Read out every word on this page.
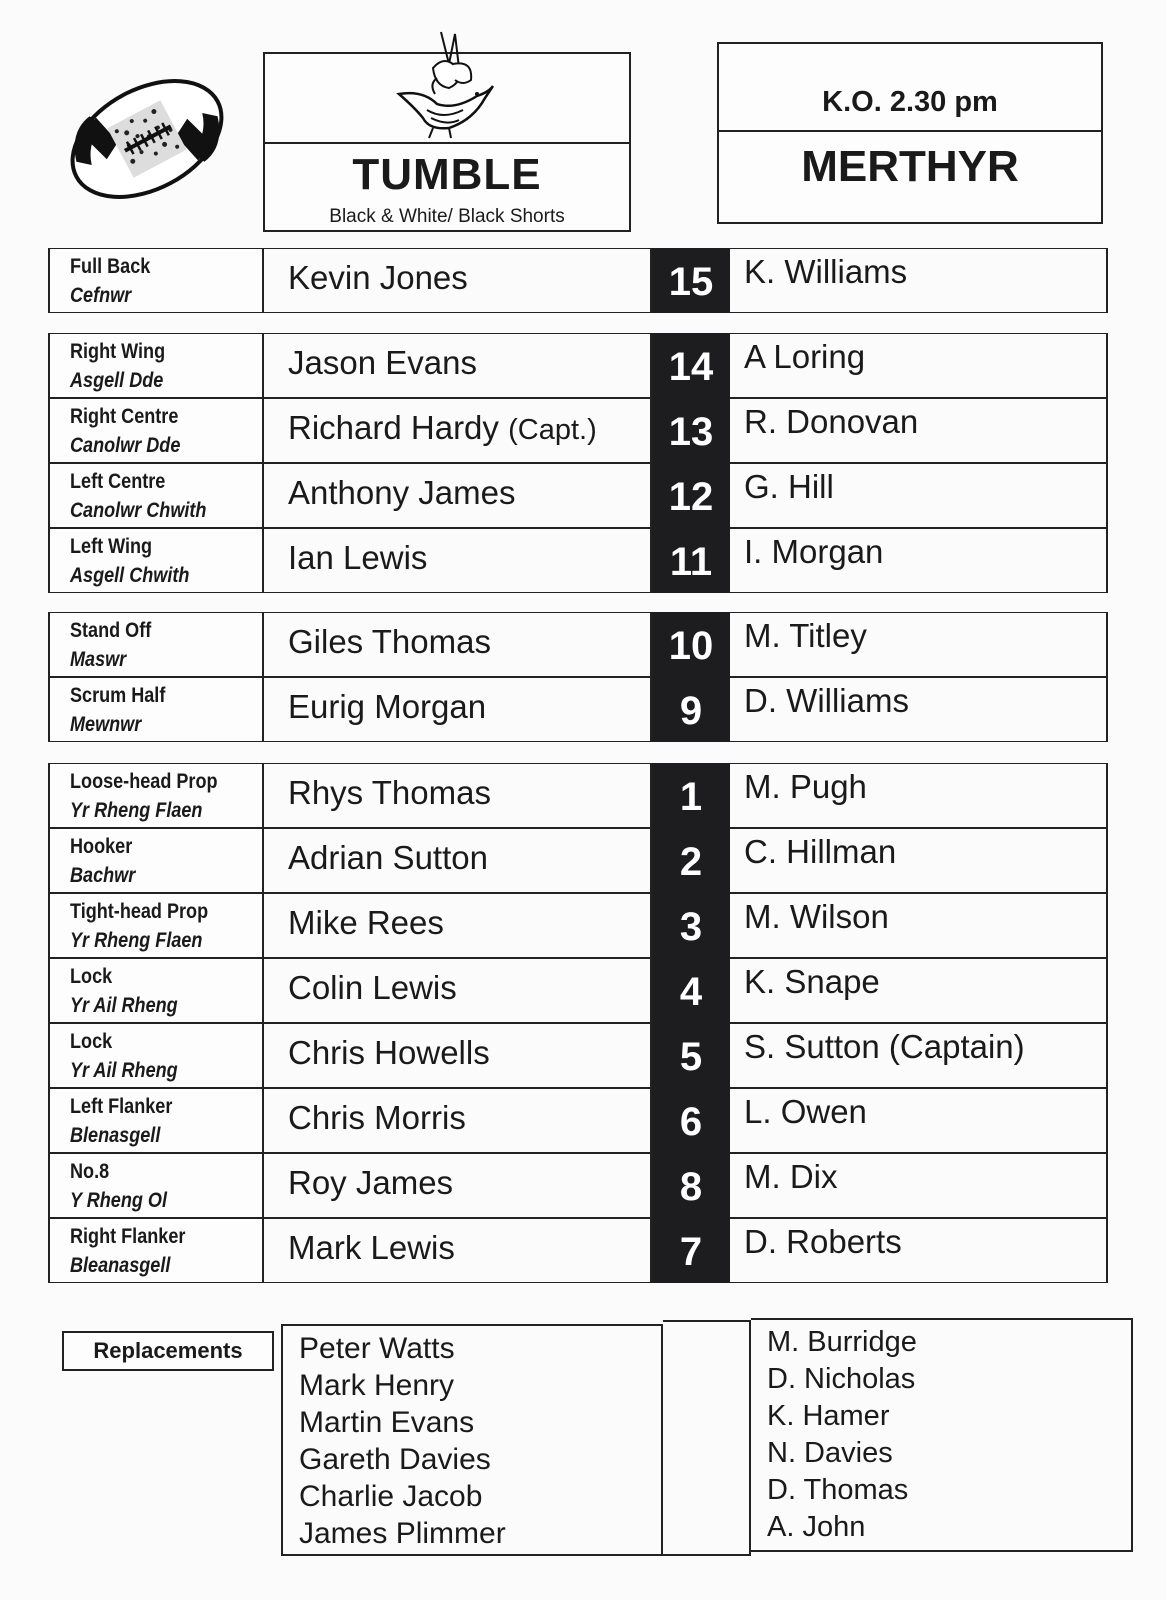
TUMBLE
Black & White/ Black Shorts
K.O. 2.30 pm
MERTHYR
Full Back
Cefnwr	Kevin Jones	15 K. Williams
Right Wing
Asgell Dde	Jason Evans	14 A Loring
Right Centre
Canolwr Dde	Richard Hardy (Capt.)	13 R. Donovan
Left Centre
Canolwr Chwith	Anthony James	12 G. Hill
Left Wing
Asgell Chwith	Ian Lewis	11 I. Morgan
Stand Off
Maswr	Giles Thomas	10 M. Titley
Scrum Half
Mewnwr	Eurig Morgan	9	D. Williams
Loose-head Prop
Yr Rheng Flaen	Rhys Thomas	1	M. Pugh
Hooker
Bachwr	Adrian Sutton	2	C. Hillman
Tight-head Prop
Yr Rheng Flaen	Mike Rees	3	M. Wilson
Lock
Yr Ail Rheng	Colin Lewis	4	K. Snape
Lock
Yr Ail Rheng	Chris Howells	5	S. Sutton (Captain)
Left Flanker
Blenasgell	Chris Morris	6	L. Owen
No.8
Y Rheng Ol	Roy James	8	M. Dix
Right Flanker
Bleanasgell	Mark Lewis	7	D. Roberts
Replacements	Peter Watts
Mark Henry
Martin Evans
Gareth Davies
Charlie Jacob
James Plimmer
M. Burridge
D. Nicholas
K. Hamer
N. Davies
D. Thomas
A. John
